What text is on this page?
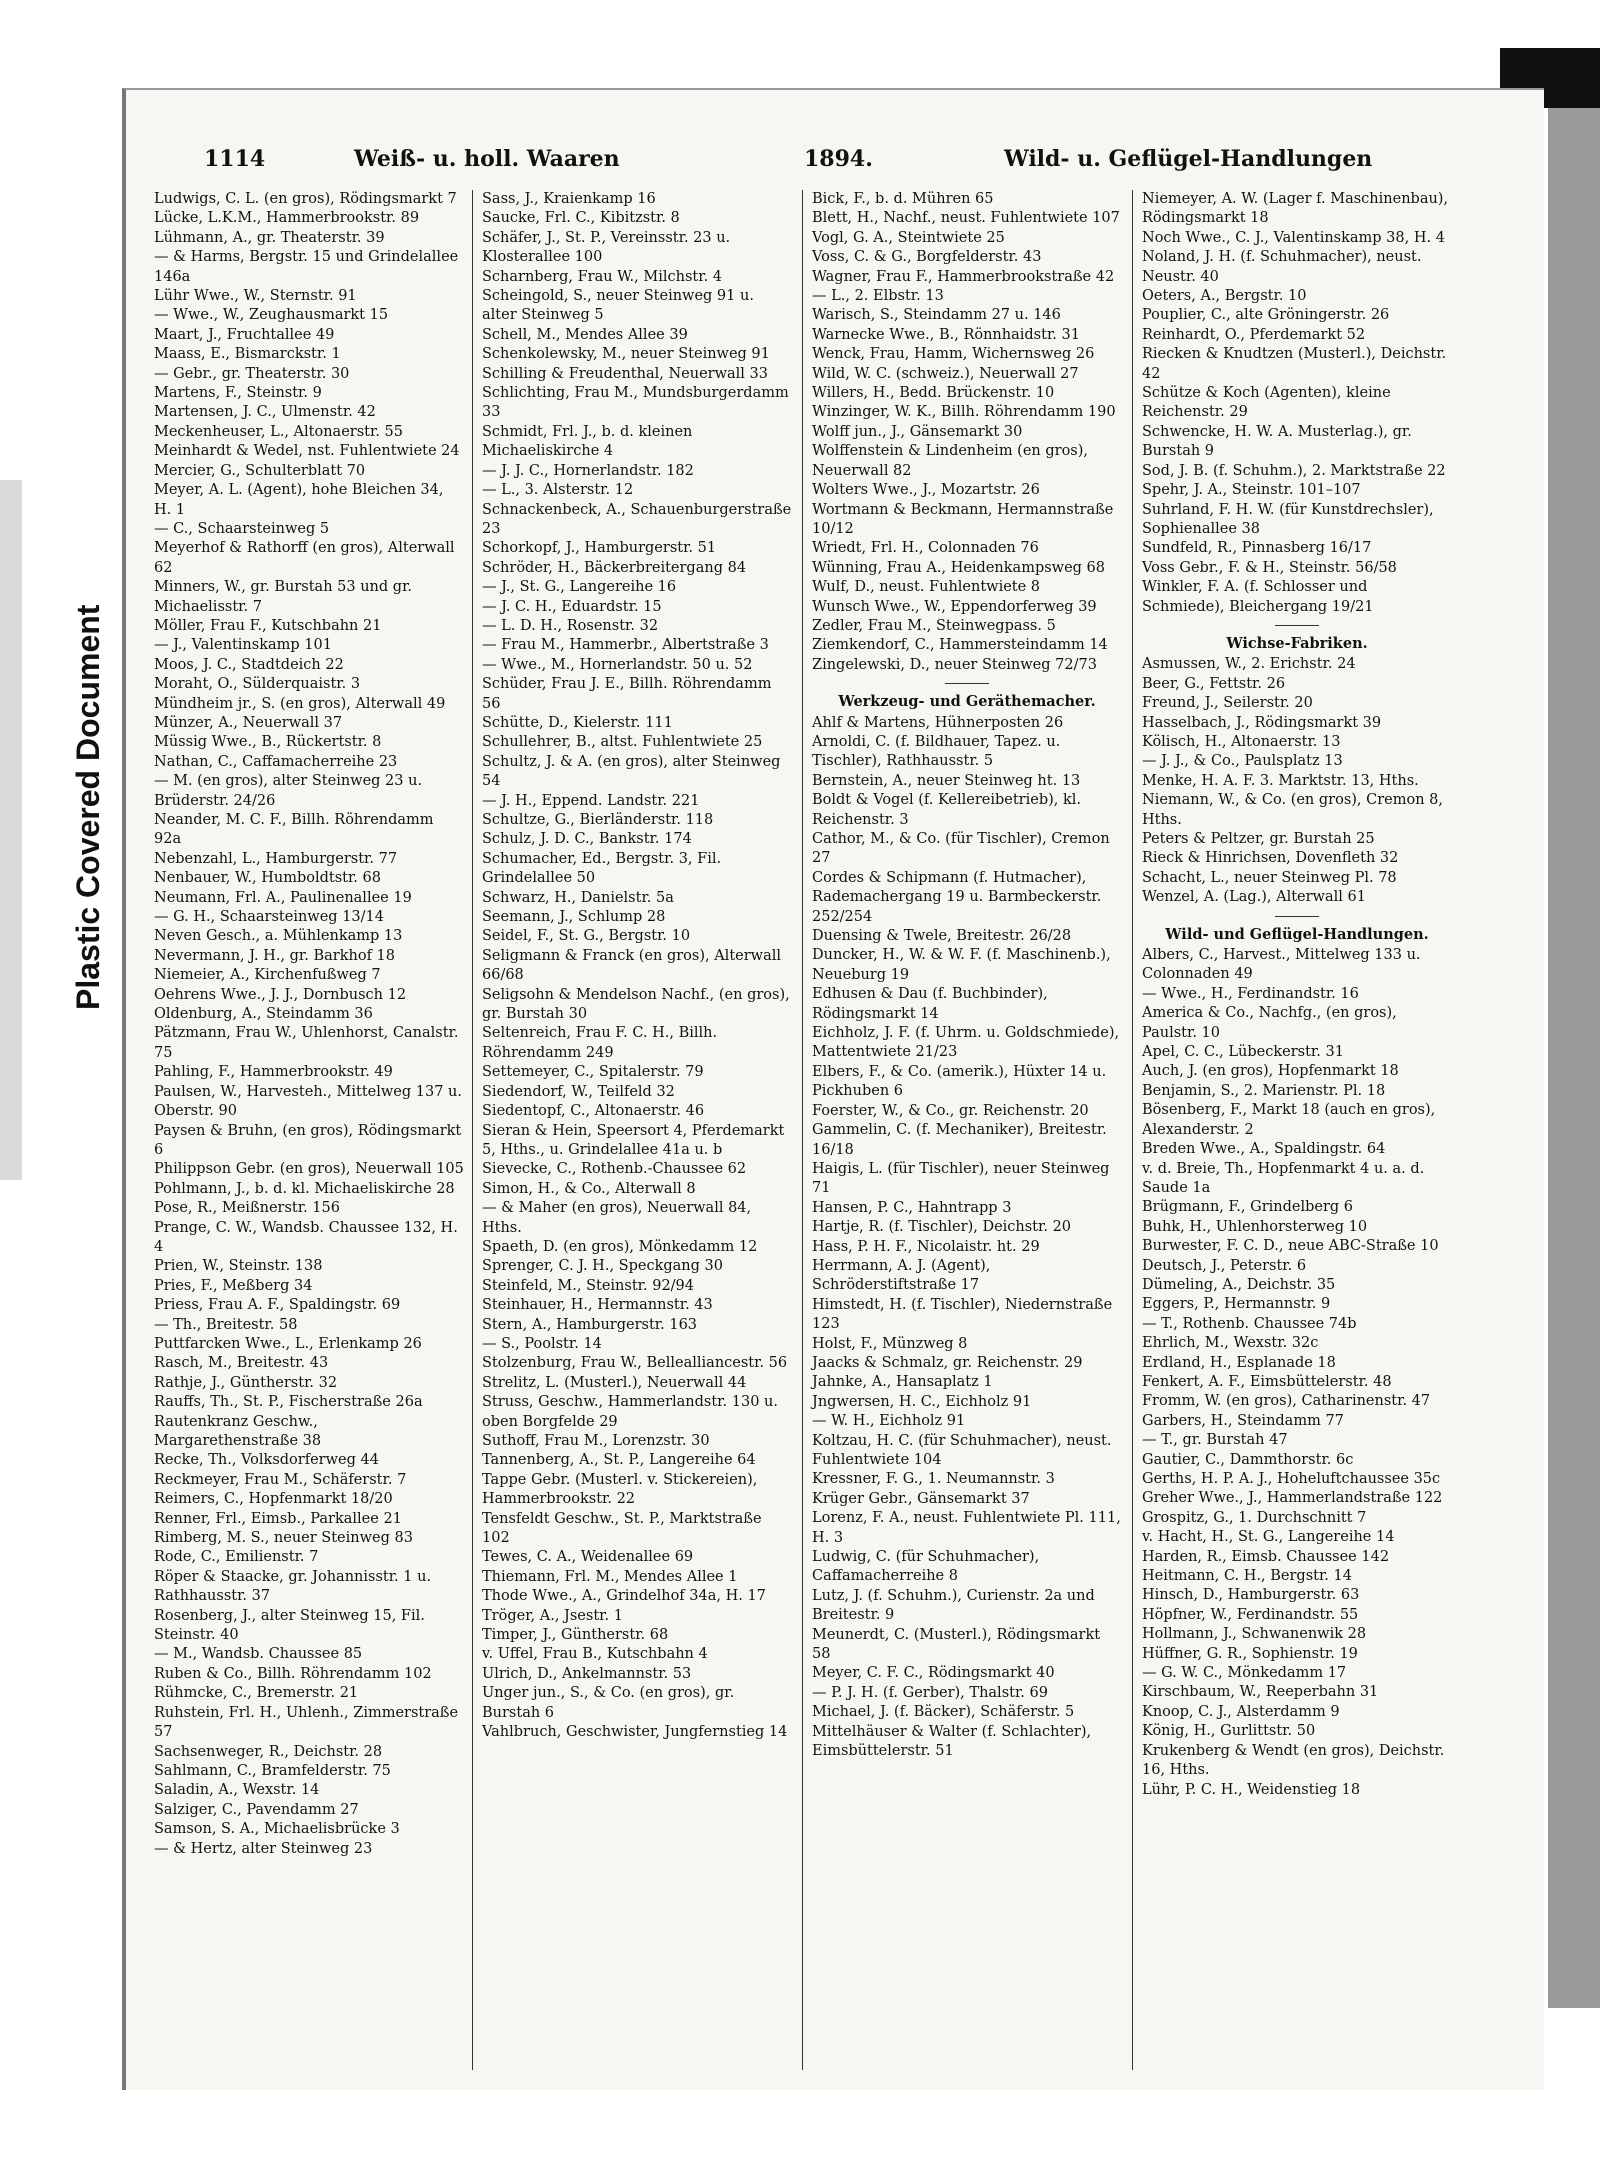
Plastic Covered Document
1114	Weiß- u. holl. Waaren	1894.	Wild- u. Geflügel-Handlungen
Ludwigs, C. L. (en gros), Rödingsmarkt 7
Lücke, L.K.M., Hammerbrookstr. 89
Lühmann, A., gr. Theaterstr. 39
— & Harms, Bergstr. 15 und Grindelallee 146a
Lühr Wwe., W., Sternstr. 91
— Wwe., W., Zeughausmarkt 15
Maart, J., Fruchtallee 49
Maass, E., Bismarckstr. 1
— Gebr., gr. Theaterstr. 30
Martens, F., Steinstr. 9
Martensen, J. C., Ulmenstr. 42
Meckenheuser, L., Altonaerstr. 55
Meinhardt & Wedel, nst. Fuhlentwiete 24
Mercier, G., Schulterblatt 70
Meyer, A. L. (Agent), hohe Bleichen 34, H. 1
— C., Schaarsteinweg 5
Meyerhof & Rathorff (en gros), Alterwall 62
Minners, W., gr. Burstah 53 und gr. Michaelisstr. 7
Möller, Frau F., Kutschbahn 21
— J., Valentinskamp 101
Moos, J. C., Stadtdeich 22
Moraht, O., Sülderquaistr. 3
Mündheim jr., S. (en gros), Alterwall 49
Münzer, A., Neuerwall 37
Müssig Wwe., B., Rückertstr. 8
Nathan, C., Caffamacherreihe 23
— M. (en gros), alter Steinweg 23 u. Brüderstr. 24/26
Neander, M. C. F., Billh. Röhrendamm 92a
Nebenzahl, L., Hamburgerstr. 77
Nenbauer, W., Humboldtstr. 68
Neumann, Frl. A., Paulinenallee 19
— G. H., Schaarsteinweg 13/14
Neven Gesch., a. Mühlenkamp 13
Nevermann, J. H., gr. Barkhof 18
Niemeier, A., Kirchenfußweg 7
Oehrens Wwe., J. J., Dornbusch 12
Oldenburg, A., Steindamm 36
Pätzmann, Frau W., Uhlenhorst, Canalstr. 75
Pahling, F., Hammerbrookstr. 49
Paulsen, W., Harvesteh., Mittelweg 137 u. Oberstr. 90
Paysen & Bruhn, (en gros), Rödingsmarkt 6
Philippson Gebr. (en gros), Neuerwall 105
Pohlmann, J., b. d. kl. Michaeliskirche 28
Pose, R., Meißnerstr. 156
Prange, C. W., Wandsb. Chaussee 132, H. 4
Prien, W., Steinstr. 138
Pries, F., Meßberg 34
Priess, Frau A. F., Spaldingstr. 69
— Th., Breitestr. 58
Puttfarcken Wwe., L., Erlenkamp 26
Rasch, M., Breitestr. 43
Rathje, J., Güntherstr. 32
Rauffs, Th., St. P., Fischerstraße 26a
Rautenkranz Geschw., Margarethenstraße 38
Recke, Th., Volksdorferweg 44
Reckmeyer, Frau M., Schäferstr. 7
Reimers, C., Hopfenmarkt 18/20
Renner, Frl., Eimsb., Parkallee 21
Rimberg, M. S., neuer Steinweg 83
Rode, C., Emilienstr. 7
Röper & Staacke, gr. Johannisstr. 1 u. Rathhausstr. 37
Rosenberg, J., alter Steinweg 15, Fil. Steinstr. 40
— M., Wandsb. Chaussee 85
Ruben & Co., Billh. Röhrendamm 102
Rühmcke, C., Bremerstr. 21
Ruhstein, Frl. H., Uhlenh., Zimmerstraße 57
Sachsenweger, R., Deichstr. 28
Sahlmann, C., Bramfelderstr. 75
Saladin, A., Wexstr. 14
Salziger, C., Pavendamm 27
Samson, S. A., Michaelisbrücke 3
— & Hertz, alter Steinweg 23
Sass, J., Kraienkamp 16
Saucke, Frl. C., Kibitzstr. 8
Schäfer, J., St. P., Vereinsstr. 23 u. Klosterallee 100
Scharnberg, Frau W., Milchstr. 4
Scheingold, S., neuer Steinweg 91 u. alter Steinweg 5
Schell, M., Mendes Allee 39
Schenkolewsky, M., neuer Steinweg 91
Schilling & Freudenthal, Neuerwall 33
Schlichting, Frau M., Mundsburgerdamm 33
Schmidt, Frl. J., b. d. kleinen Michaeliskirche 4
— J. J. C., Hornerlandstr. 182
— L., 3. Alsterstr. 12
Schnackenbeck, A., Schauenburgerstraße 23
Schorkopf, J., Hamburgerstr. 51
Schröder, H., Bäckerbreitergang 84
— J., St. G., Langereihe 16
— J. C. H., Eduardstr. 15
— L. D. H., Rosenstr. 32
— Frau M., Hammerbr., Albertstraße 3
— Wwe., M., Hornerlandstr. 50 u. 52
Schüder, Frau J. E., Billh. Röhrendamm 56
Schütte, D., Kielerstr. 111
Schullehrer, B., altst. Fuhlentwiete 25
Schultz, J. & A. (en gros), alter Steinweg 54
— J. H., Eppend. Landstr. 221
Schultze, G., Bierländerstr. 118
Schulz, J. D. C., Bankstr. 174
Schumacher, Ed., Bergstr. 3, Fil. Grindelallee 50
Schwarz, H., Danielstr. 5a
Seemann, J., Schlump 28
Seidel, F., St. G., Bergstr. 10
Seligmann & Franck (en gros), Alterwall 66/68
Seligsohn & Mendelson Nachf., (en gros), gr. Burstah 30
Seltenreich, Frau F. C. H., Billh. Röhrendamm 249
Settemeyer, C., Spitalerstr. 79
Siedendorf, W., Teilfeld 32
Siedentopf, C., Altonaerstr. 46
Sieran & Hein, Speersort 4, Pferdemarkt 5, Hths., u. Grindelallee 41a u. b
Sievecke, C., Rothenb.-Chaussee 62
Simon, H., & Co., Alterwall 8
— & Maher (en gros), Neuerwall 84, Hths.
Spaeth, D. (en gros), Mönkedamm 12
Sprenger, C. J. H., Speckgang 30
Steinfeld, M., Steinstr. 92/94
Steinhauer, H., Hermannstr. 43
Stern, A., Hamburgerstr. 163
— S., Poolstr. 14
Stolzenburg, Frau W., Bellealliancestr. 56
Strelitz, L. (Musterl.), Neuerwall 44
Struss, Geschw., Hammerlandstr. 130 u. oben Borgfelde 29
Suthoff, Frau M., Lorenzstr. 30
Tannenberg, A., St. P., Langereihe 64
Tappe Gebr. (Musterl. v. Stickereien), Hammerbrookstr. 22
Tensfeldt Geschw., St. P., Marktstraße 102
Tewes, C. A., Weidenallee 69
Thiemann, Frl. M., Mendes Allee 1
Thode Wwe., A., Grindelhof 34a, H. 17
Tröger, A., Jsestr. 1
Timper, J., Güntherstr. 68
v. Uffel, Frau B., Kutschbahn 4
Ulrich, D., Ankelmannstr. 53
Unger jun., S., & Co. (en gros), gr. Burstah 6
Vahlbruch, Geschwister, Jungfernstieg 14
Bick, F., b. d. Mühren 65
Blett, H., Nachf., neust. Fuhlentwiete 107
Vogl, G. A., Steintwiete 25
Voss, C. & G., Borgfelderstr. 43
Wagner, Frau F., Hammerbrookstraße 42
— L., 2. Elbstr. 13
Warisch, S., Steindamm 27 u. 146
Warnecke Wwe., B., Rönnhaidstr. 31
Wenck, Frau, Hamm, Wichernsweg 26
Wild, W. C. (schweiz.), Neuerwall 27
Willers, H., Bedd. Brückenstr. 10
Winzinger, W. K., Billh. Röhrendamm 190
Wolff jun., J., Gänsemarkt 30
Wolffenstein & Lindenheim (en gros), Neuerwall 82
Wolters Wwe., J., Mozartstr. 26
Wortmann & Beckmann, Hermannstraße 10/12
Wriedt, Frl. H., Colonnaden 76
Wünning, Frau A., Heidenkampsweg 68
Wulf, D., neust. Fuhlentwiete 8
Wunsch Wwe., W., Eppendorferweg 39
Zedler, Frau M., Steinwegpass. 5
Ziemkendorf, C., Hammersteindamm 14
Zingelewski, D., neuer Steinweg 72/73
Werkzeug- und Geräthemacher.
Ahlf & Martens, Hühnerposten 26
Arnoldi, C. (f. Bildhauer, Tapez. u. Tischler), Rathhausstr. 5
Bernstein, A., neuer Steinweg ht. 13
Boldt & Vogel (f. Kellereibetrieb), kl. Reichenstr. 3
Cathor, M., & Co. (für Tischler), Cremon 27
Cordes & Schipmann (f. Hutmacher), Rademachergang 19 u. Barmbeckerstr. 252/254
Duensing & Twele, Breitestr. 26/28
Duncker, H., W. & W. F. (f. Maschinenb.), Neueburg 19
Edhusen & Dau (f. Buchbinder), Rödingsmarkt 14
Eichholz, J. F. (f. Uhrm. u. Goldschmiede), Mattentwiete 21/23
Elbers, F., & Co. (amerik.), Hüxter 14 u. Pickhuben 6
Foerster, W., & Co., gr. Reichenstr. 20
Gammelin, C. (f. Mechaniker), Breitestr. 16/18
Haigis, L. (für Tischler), neuer Steinweg 71
Hansen, P. C., Hahntrapp 3
Hartje, R. (f. Tischler), Deichstr. 20
Hass, P. H. F., Nicolaistr. ht. 29
Herrmann, A. J. (Agent), Schröderstiftstraße 17
Himstedt, H. (f. Tischler), Niedernstraße 123
Holst, F., Münzweg 8
Jaacks & Schmalz, gr. Reichenstr. 29
Jahnke, A., Hansaplatz 1
Jngwersen, H. C., Eichholz 91
— W. H., Eichholz 91
Koltzau, H. C. (für Schuhmacher), neust. Fuhlentwiete 104
Kressner, F. G., 1. Neumannstr. 3
Krüger Gebr., Gänsemarkt 37
Lorenz, F. A., neust. Fuhlentwiete Pl. 111, H. 3
Ludwig, C. (für Schuhmacher), Caffamacherreihe 8
Lutz, J. (f. Schuhm.), Curienstr. 2a und Breitestr. 9
Meunerdt, C. (Musterl.), Rödingsmarkt 58
Meyer, C. F. C., Rödingsmarkt 40
— P. J. H. (f. Gerber), Thalstr. 69
Michael, J. (f. Bäcker), Schäferstr. 5
Mittelhäuser & Walter (f. Schlachter), Eimsbüttelerstr. 51
Niemeyer, A. W. (Lager f. Maschinenbau), Rödingsmarkt 18
Noch Wwe., C. J., Valentinskamp 38, H. 4
Noland, J. H. (f. Schuhmacher), neust. Neustr. 40
Oeters, A., Bergstr. 10
Pouplier, C., alte Gröningerstr. 26
Reinhardt, O., Pferdemarkt 52
Riecken & Knudtzen (Musterl.), Deichstr. 42
Schütze & Koch (Agenten), kleine Reichenstr. 29
Schwencke, H. W. A. Musterlag.), gr. Burstah 9
Sod, J. B. (f. Schuhm.), 2. Marktstraße 22
Spehr, J. A., Steinstr. 101–107
Suhrland, F. H. W. (für Kunstdrechsler), Sophienallee 38
Sundfeld, R., Pinnasberg 16/17
Voss Gebr., F. & H., Steinstr. 56/58
Winkler, F. A. (f. Schlosser und Schmiede), Bleichergang 19/21
Wichse-Fabriken.
Asmussen, W., 2. Erichstr. 24
Beer, G., Fettstr. 26
Freund, J., Seilerstr. 20
Hasselbach, J., Rödingsmarkt 39
Kölisch, H., Altonaerstr. 13
— J. J., & Co., Paulsplatz 13
Menke, H. A. F. 3. Marktstr. 13, Hths.
Niemann, W., & Co. (en gros), Cremon 8, Hths.
Peters & Peltzer, gr. Burstah 25
Rieck & Hinrichsen, Dovenfleth 32
Schacht, L., neuer Steinweg Pl. 78
Wenzel, A. (Lag.), Alterwall 61
Wild- und Geflügel-Handlungen.
Albers, C., Harvest., Mittelweg 133 u. Colonnaden 49
— Wwe., H., Ferdinandstr. 16
America & Co., Nachfg., (en gros), Paulstr. 10
Apel, C. C., Lübeckerstr. 31
Auch, J. (en gros), Hopfenmarkt 18
Benjamin, S., 2. Marienstr. Pl. 18
Bösenberg, F., Markt 18 (auch en gros), Alexanderstr. 2
Breden Wwe., A., Spaldingstr. 64
v. d. Breie, Th., Hopfenmarkt 4 u. a. d. Saude 1a
Brügmann, F., Grindelberg 6
Buhk, H., Uhlenhorsterweg 10
Burwester, F. C. D., neue ABC-Straße 10
Deutsch, J., Peterstr. 6
Dümeling, A., Deichstr. 35
Eggers, P., Hermannstr. 9
— T., Rothenb. Chaussee 74b
Ehrlich, M., Wexstr. 32c
Erdland, H., Esplanade 18
Fenkert, A. F., Eimsbüttelerstr. 48
Fromm, W. (en gros), Catharinenstr. 47
Garbers, H., Steindamm 77
— T., gr. Burstah 47
Gautier, C., Dammthorstr. 6c
Gerths, H. P. A. J., Hoheluftchaussee 35c
Greher Wwe., J., Hammerlandstraße 122
Grospitz, G., 1. Durchschnitt 7
v. Hacht, H., St. G., Langereihe 14
Harden, R., Eimsb. Chaussee 142
Heitmann, C. H., Bergstr. 14
Hinsch, D., Hamburgerstr. 63
Höpfner, W., Ferdinandstr. 55
Hollmann, J., Schwanenwik 28
Hüffner, G. R., Sophienstr. 19
— G. W. C., Mönkedamm 17
Kirschbaum, W., Reeperbahn 31
Knoop, C. J., Alsterdamm 9
König, H., Gurlittstr. 50
Krukenberg & Wendt (en gros), Deichstr. 16, Hths.
Lühr, P. C. H., Weidenstieg 18
